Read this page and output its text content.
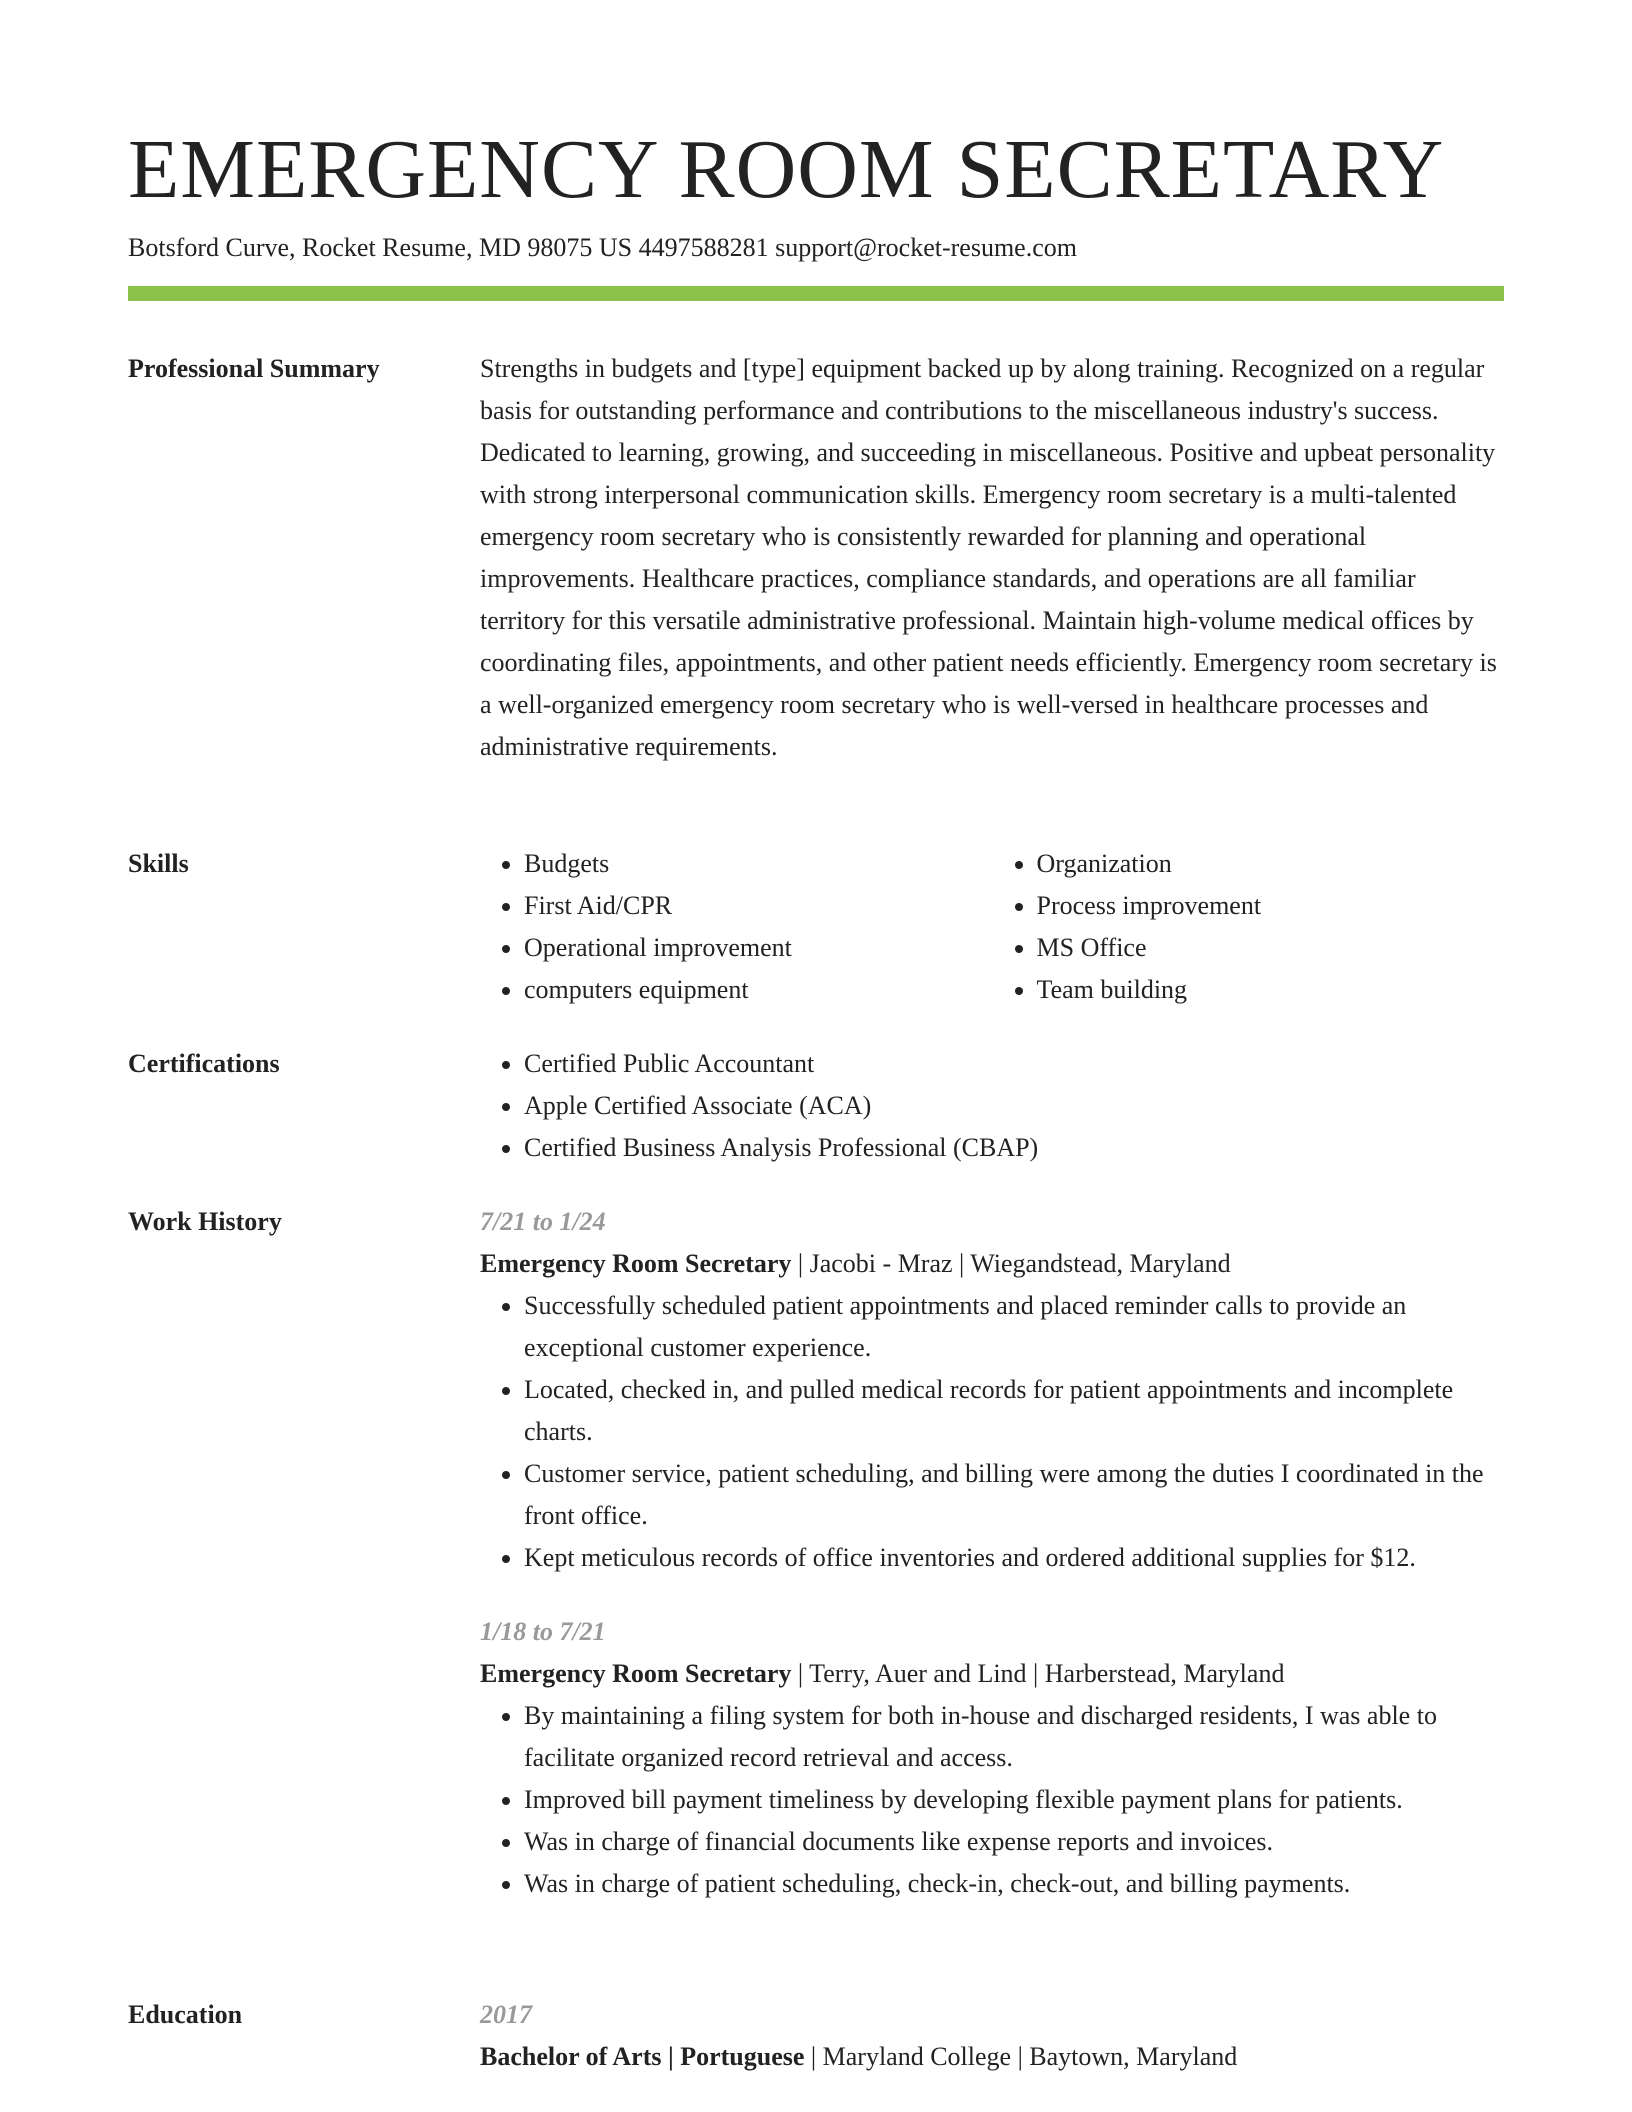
EMERGENCY ROOM SECRETARY
Botsford Curve, Rocket Resume, MD 98075 US 4497588281 support@rocket-resume.com
Professional Summary	Strengths in budgets and [type] equipment backed up by along training. Recognized on a regular basis for outstanding performance and contributions to the miscellaneous industry's success. Dedicated to learning, growing, and succeeding in miscellaneous. Positive and upbeat personality with strong interpersonal communication skills. Emergency room secretary is a multi-talented emergency room secretary who is consistently rewarded for planning and operational improvements. Healthcare practices, compliance standards, and operations are all familiar territory for this versatile administrative professional. Maintain high-volume medical offices by coordinating files, appointments, and other patient needs efficiently. Emergency room secretary is a well-organized emergency room secretary who is well-versed in healthcare processes and administrative requirements.

Skills	• Budgets
• First Aid/CPR
• Operational improvement
• computers equipment
• Organization
• Process improvement
• MS Office
• Team building
Certifications	• Certified Public Accountant
• Apple Certified Associate (ACA)
• Certified Business Analysis Professional (CBAP)
Work History	7/21 to 1/24
Emergency Room Secretary | Jacobi - Mraz | Wiegandstead, Maryland
• Successfully scheduled patient appointments and placed reminder calls to provide an exceptional customer experience.
• Located, checked in, and pulled medical records for patient appointments and incomplete charts.
• Customer service, patient scheduling, and billing were among the duties I coordinated in the front office.
• Kept meticulous records of office inventories and ordered additional supplies for $12.
1/18 to 7/21
Emergency Room Secretary | Terry, Auer and Lind | Harberstead, Maryland
• By maintaining a filing system for both in-house and discharged residents, I was able to facilitate organized record retrieval and access.
• Improved bill payment timeliness by developing flexible payment plans for patients.
• Was in charge of financial documents like expense reports and invoices.
• Was in charge of patient scheduling, check-in, check-out, and billing payments.
Education	2017
Bachelor of Arts | Portuguese | Maryland College | Baytown, Maryland
